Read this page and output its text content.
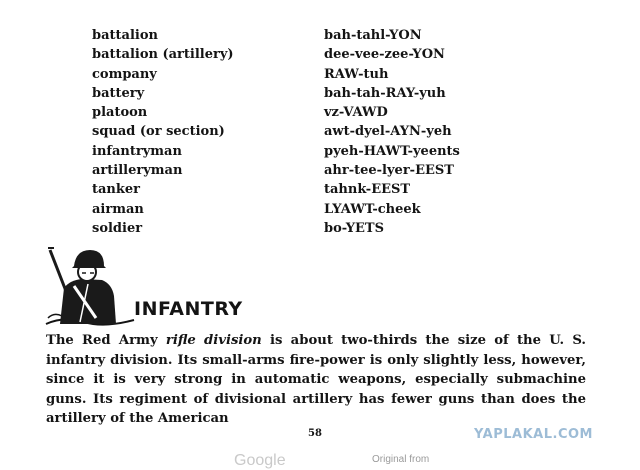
battalion	bah-tahl-YON
battalion (artillery)	dee-vee-zee-YON
company	RAW-tuh
battery	bah-tah-RAY-yuh
platoon	vz-VAWD
squad (or section)	awt-dyel-AYN-yeh
infantryman	pyeh-HAWT-yeents
artilleryman	ahr-tee-lyer-EEST
tanker	tahnk-EEST
airman	LYAWT-cheek
soldier	bo-YETS
INFANTRY

The Red Army rifle division is about two-thirds the size of the U. S. infantry division. Its small-arms fire-power is only slightly less, however, since it is very strong in automatic weapons, especially submachine guns. Its regiment of divisional artillery has fewer guns than does the artillery of the American

58	YAPLAKAL.COM
Google	Original from
